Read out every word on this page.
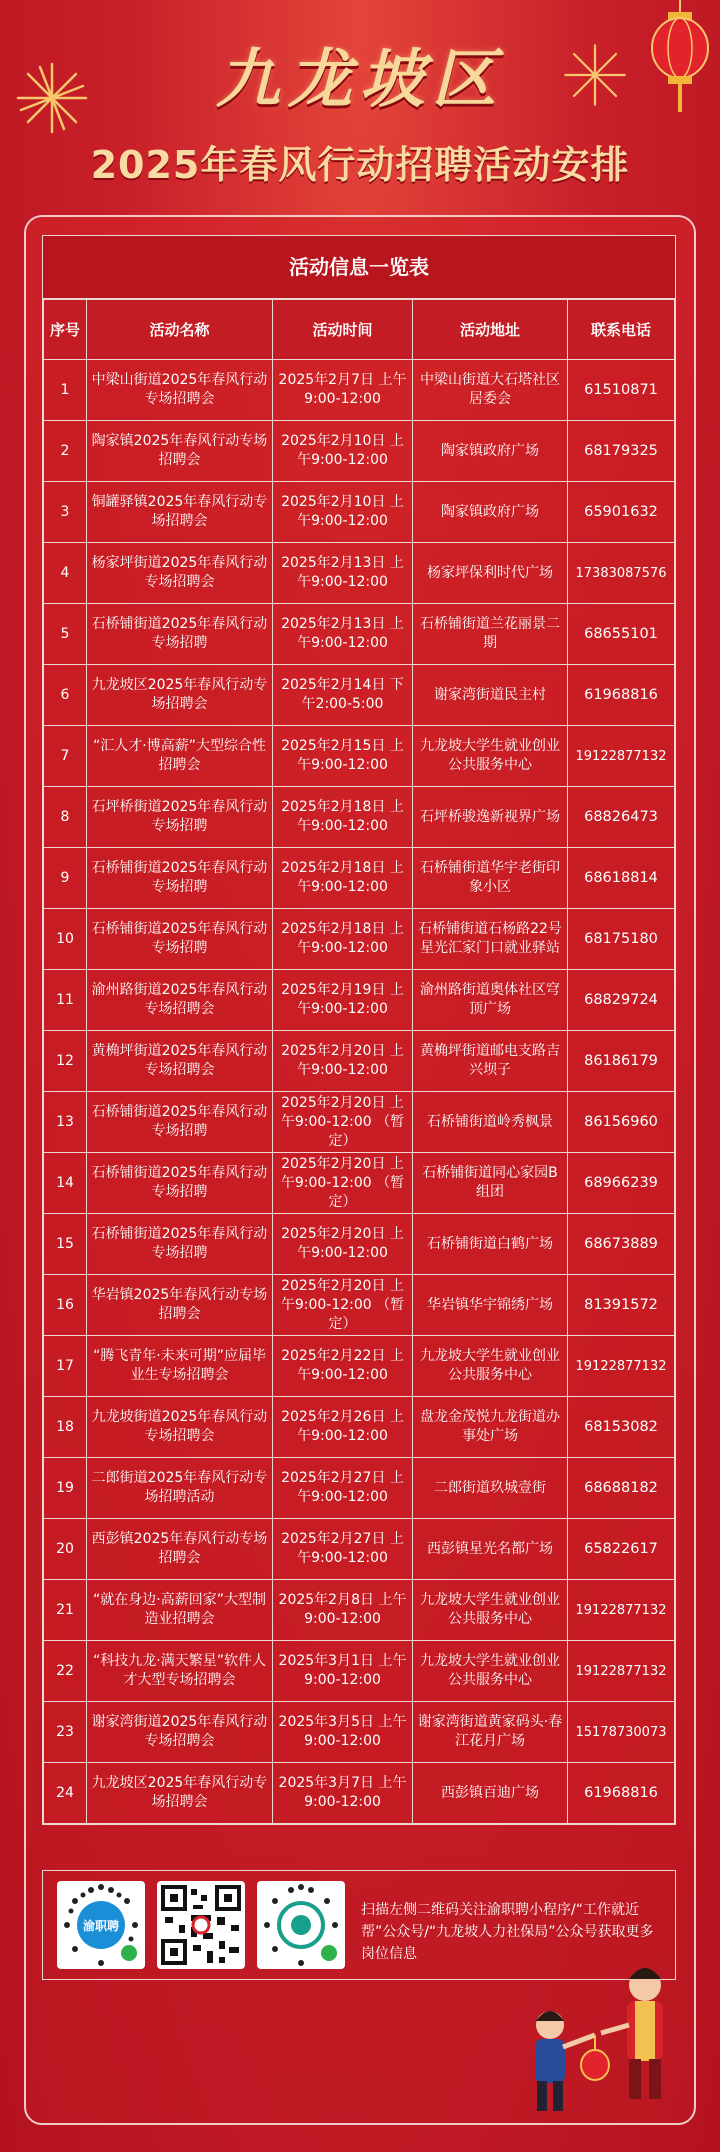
九龙坡区
2025年春风行动招聘活动安排
活动信息一览表
序号	活动名称	活动时间	活动地址	联系电话
1	中梁山街道2025年春风行动专场招聘会	2025年2月7日 上午9:00-12:00	中梁山街道大石塔社区居委会	61510871
2	陶家镇2025年春风行动专场招聘会	2025年2月10日 上午9:00-12:00	陶家镇政府广场	68179325
3	铜罐驿镇2025年春风行动专场招聘会	2025年2月10日 上午9:00-12:00	陶家镇政府广场	65901632
4	杨家坪街道2025年春风行动专场招聘会	2025年2月13日 上午9:00-12:00	杨家坪保利时代广场	17383087576
5	石桥铺街道2025年春风行动专场招聘	2025年2月13日 上午9:00-12:00	石桥铺街道兰花丽景二期	68655101
6	九龙坡区2025年春风行动专场招聘会	2025年2月14日 下午2:00-5:00	谢家湾街道民主村	61968816
7	“汇人才·博高薪”大型综合性招聘会	2025年2月15日 上午9:00-12:00	九龙坡大学生就业创业公共服务中心	19122877132
8	石坪桥街道2025年春风行动专场招聘	2025年2月18日 上午9:00-12:00	石坪桥骏逸新视界广场	68826473
9	石桥铺街道2025年春风行动专场招聘	2025年2月18日 上午9:00-12:00	石桥铺街道华宇老街印象小区	68618814
10	石桥铺街道2025年春风行动专场招聘	2025年2月18日 上午9:00-12:00	石桥铺街道石杨路22号星光汇家门口就业驿站	68175180
11	渝州路街道2025年春风行动专场招聘会	2025年2月19日 上午9:00-12:00	渝州路街道奥体社区穹顶广场	68829724
12	黄桷坪街道2025年春风行动专场招聘会	2025年2月20日 上午9:00-12:00	黄桷坪街道邮电支路吉兴坝子	86186179
13	石桥铺街道2025年春风行动专场招聘	2025年2月20日 上午9:00-12:00 （暂定）	石桥铺街道岭秀枫景	86156960
14	石桥铺街道2025年春风行动专场招聘	2025年2月20日 上午9:00-12:00 （暂定）	石桥铺街道同心家园B组团	68966239
15	石桥铺街道2025年春风行动专场招聘	2025年2月20日 上午9:00-12:00	石桥铺街道白鹤广场	68673889
16	华岩镇2025年春风行动专场招聘会	2025年2月20日 上午9:00-12:00 （暂定）	华岩镇华宇锦绣广场	81391572
17	“腾飞青年·未来可期”应届毕业生专场招聘会	2025年2月22日 上午9:00-12:00	九龙坡大学生就业创业公共服务中心	19122877132
18	九龙坡街道2025年春风行动专场招聘会	2025年2月26日 上午9:00-12:00	盘龙金茂悦九龙街道办事处广场	68153082
19	二郎街道2025年春风行动专场招聘活动	2025年2月27日 上午9:00-12:00	二郎街道玖城壹街	68688182
20	西彭镇2025年春风行动专场招聘会	2025年2月27日 上午9:00-12:00	西彭镇星光名都广场	65822617
21	“就在身边·高薪回家”大型制造业招聘会	2025年2月8日 上午9:00-12:00	九龙坡大学生就业创业公共服务中心	19122877132
22	“科技九龙·满天繁星”软件人才大型专场招聘会	2025年3月1日 上午9:00-12:00	九龙坡大学生就业创业公共服务中心	19122877132
23	谢家湾街道2025年春风行动专场招聘会	2025年3月5日 上午9:00-12:00	谢家湾街道黄家码头·春江花月广场	15178730073
24	九龙坡区2025年春风行动专场招聘会	2025年3月7日 上午9:00-12:00	西彭镇百迪广场	61968816
渝职聘
扫描左侧二维码关注渝职聘小程序/“工作就近帮”公众号/“九龙坡人力社保局”公众号获取更多岗位信息
